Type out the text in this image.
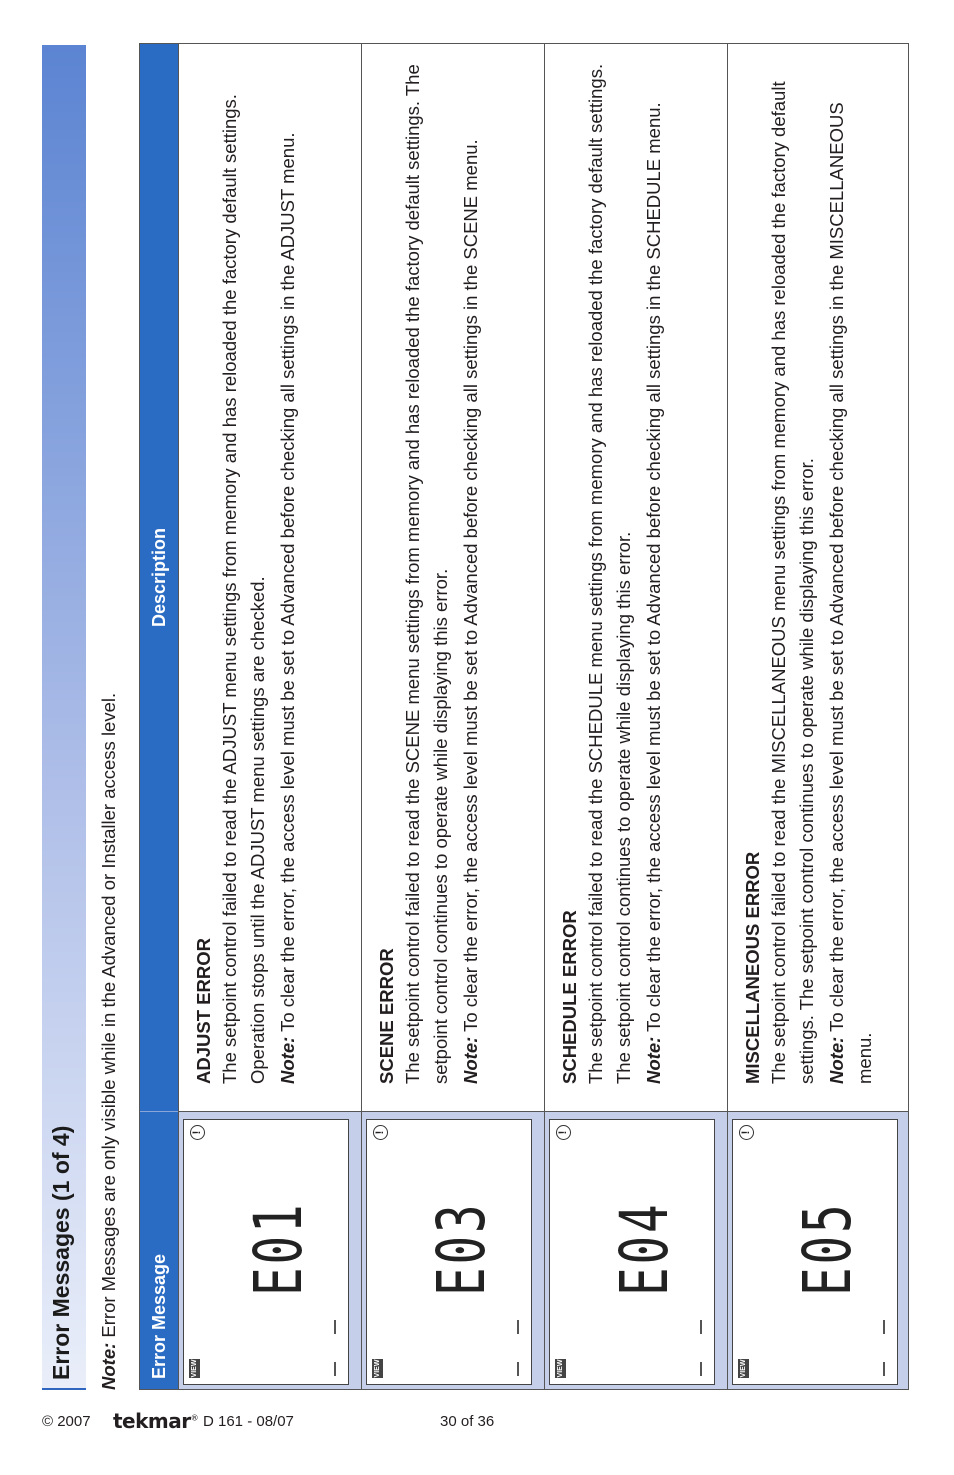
Error Messages (1 of 4) Note: Error Messages are only visible while in the Advanced or Installer access level.	Error Message
Description
VIEW
E01
!
ADJUST ERROR The setpoint control failed to read the ADJUST menu settings from memory and has reloaded the factory default settings. Operation stops until the ADJUST menu settings are checked. Note: To clear the error, the access level must be set to Advanced before checking all settings in the ADJUST menu.

VIEW
E03
!
SCENE ERROR The setpoint control failed to read the SCENE menu settings from memory and has reloaded the factory default settings. The setpoint control continues to operate while displaying this error. Note: To clear the error, the access level must be set to Advanced before checking all settings in the SCENE menu.

VIEW
E04
!
SCHEDULE ERROR The setpoint control failed to read the SCHEDULE menu settings from memory and has reloaded the factory default settings. The setpoint control continues to operate while displaying this error. Note: To clear the error, the access level must be set to Advanced before checking all settings in the SCHEDULE menu.

VIEW
E05
!
MISCELLANEOUS ERROR The setpoint control failed to read the MISCELLANEOUS menu settings from memory and has reloaded the factory default settings. The setpoint control continues to operate while displaying this error. Note: To clear the error, the access level must be set to Advanced before checking all settings in the MISCELLANEOUS menu.

© 2007 tekmar® D 161 - 08/07	30 of 36
